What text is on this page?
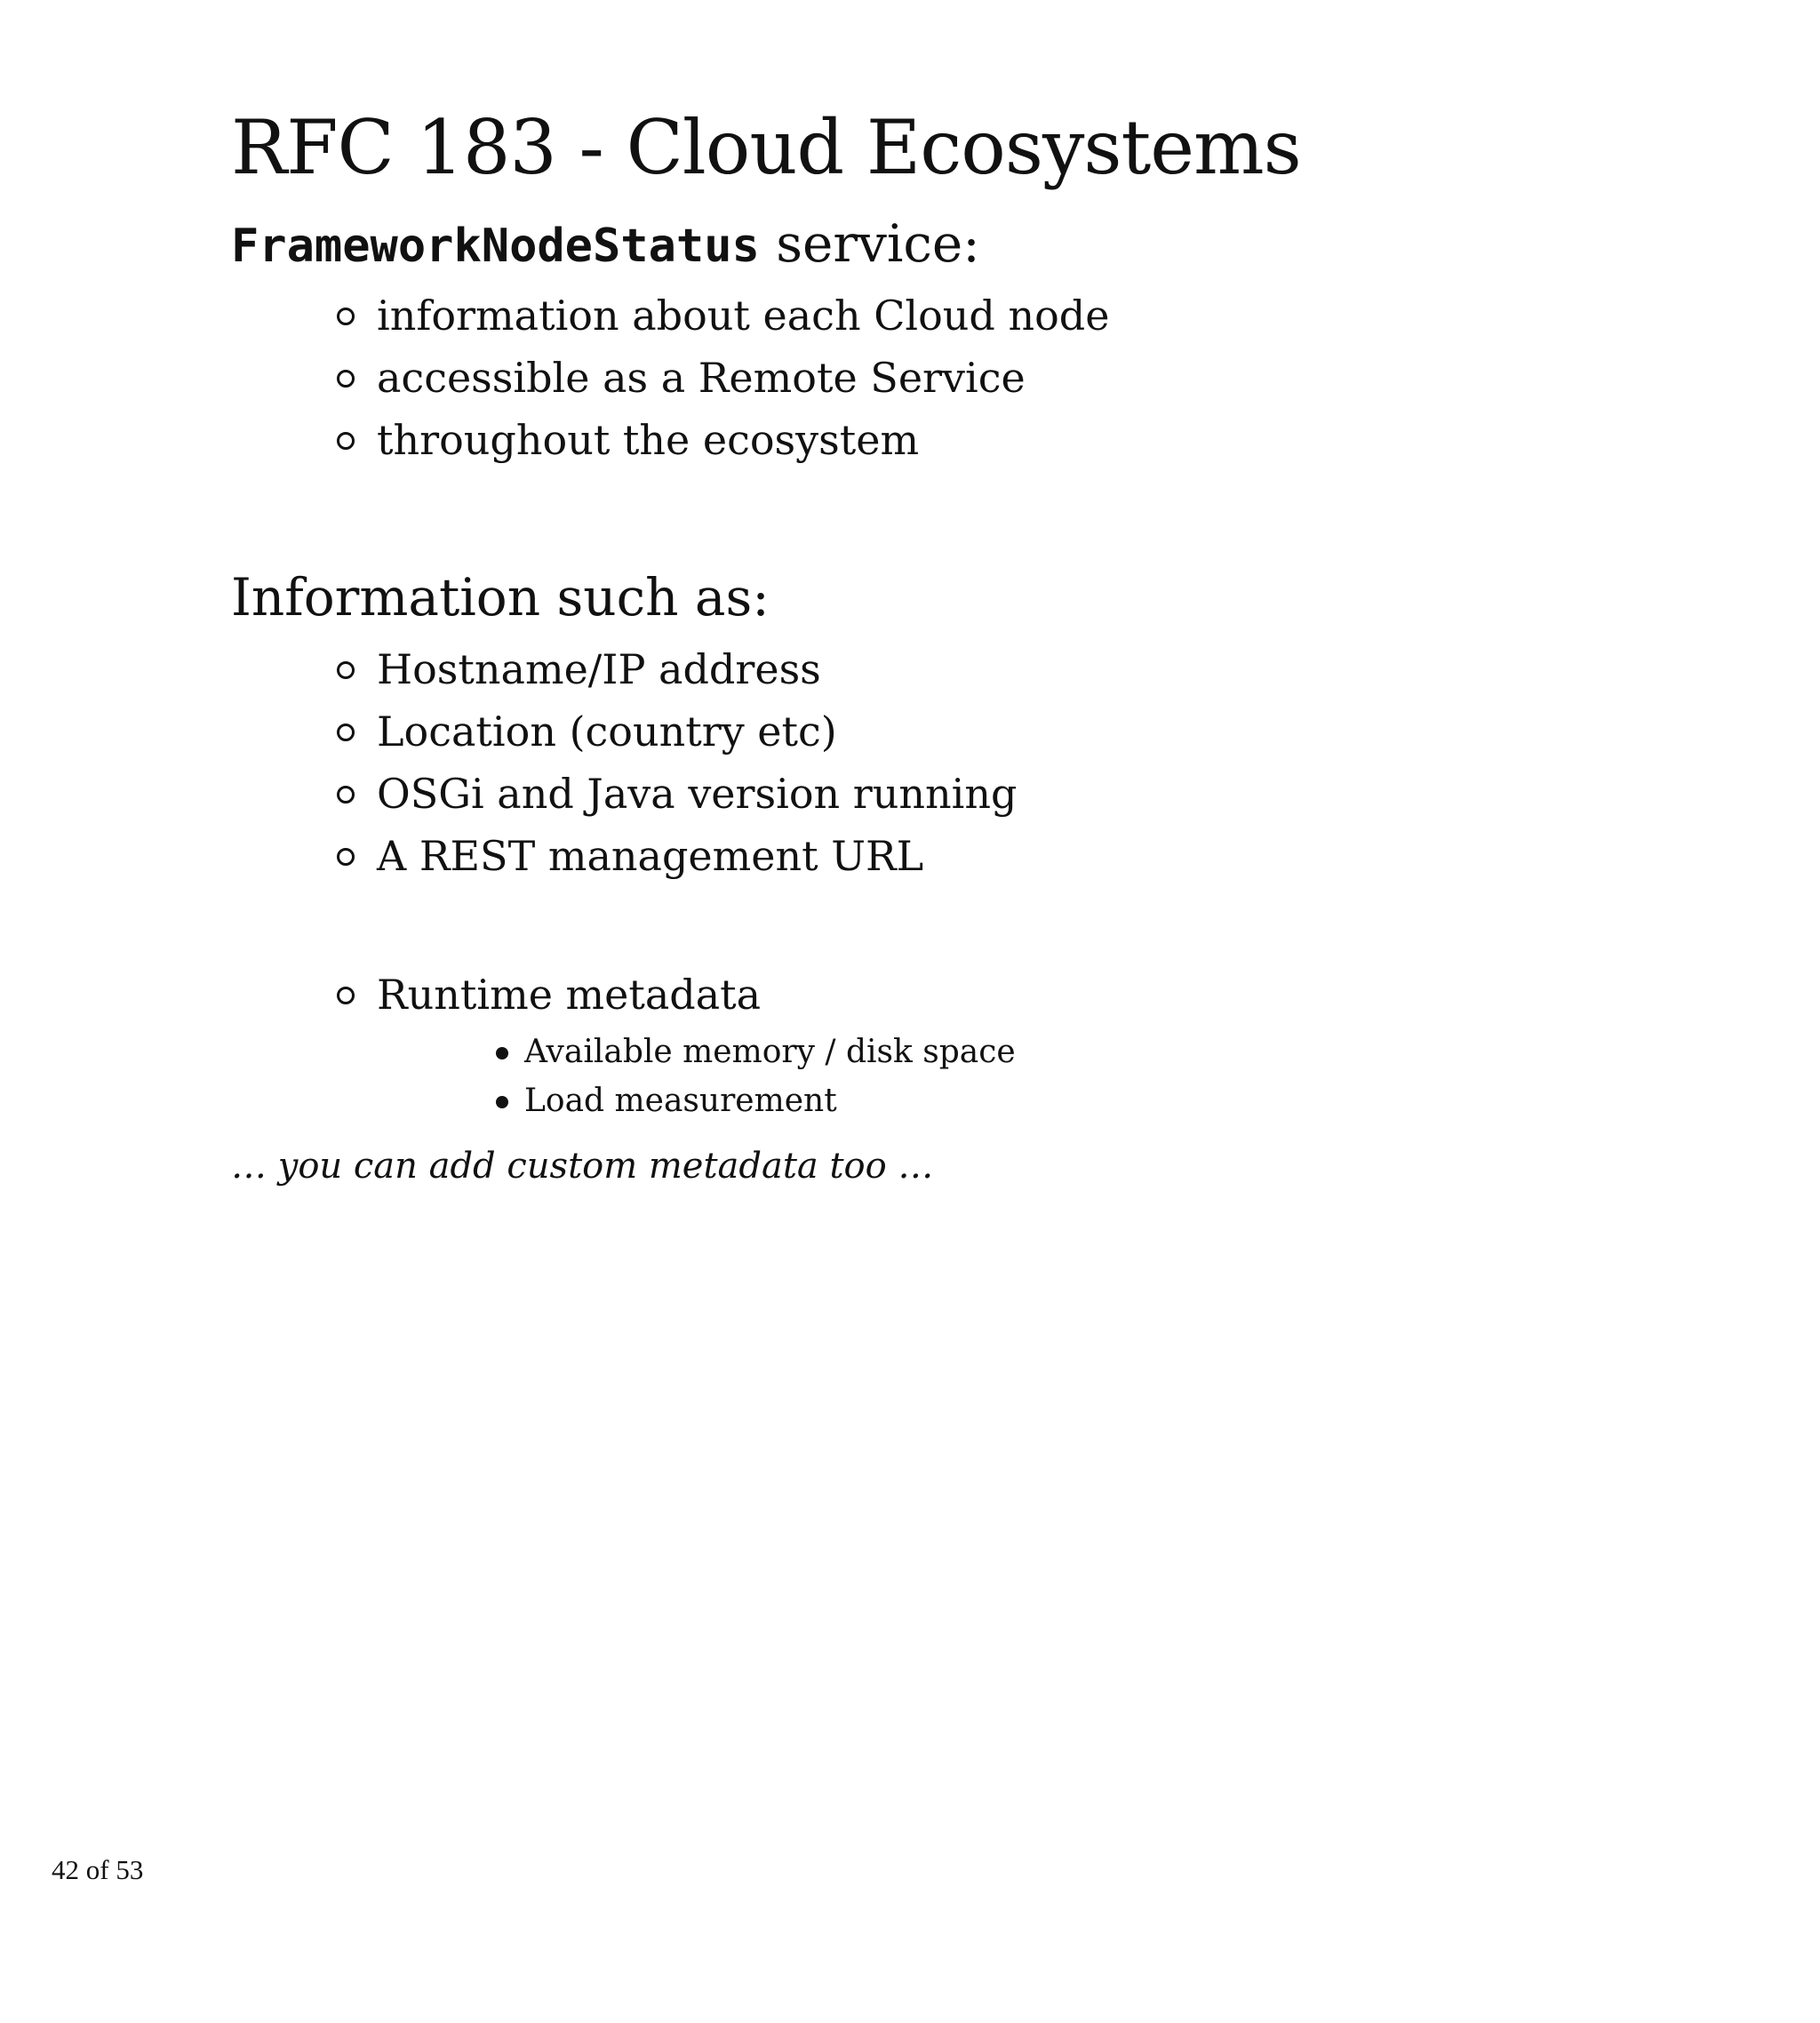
RFC 183 - Cloud Ecosystems
FrameworkNodeStatus service:
information about each Cloud node
accessible as a Remote Service
throughout the ecosystem
Information such as:
Hostname/IP address
Location (country etc)
OSGi and Java version running
A REST management URL
Runtime metadata
Available memory / disk space
Load measurement

… you can add custom metadata too …

42 of 53
